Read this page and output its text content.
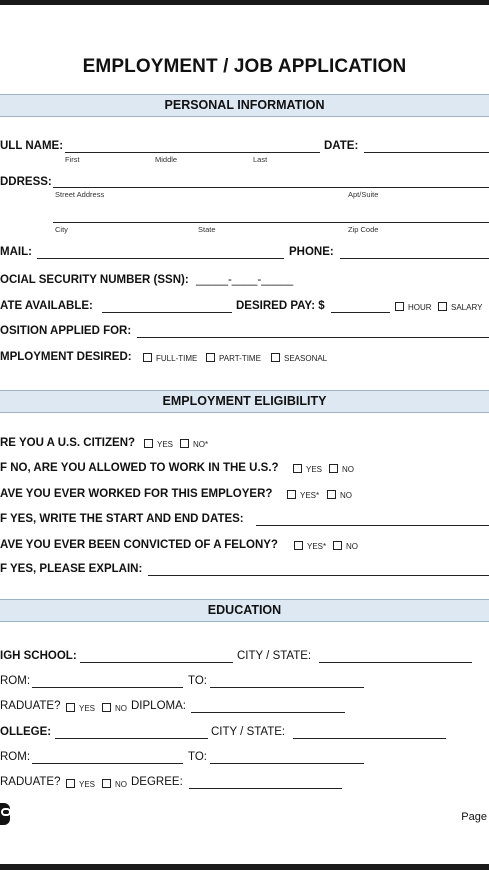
EMPLOYMENT / JOB APPLICATION
PERSONAL INFORMATION
ULL NAME:	DATE:
First	Middle	Last
DDRESS:
Street Address	Apt/Suite
City	State	Zip Code
MAIL:	PHONE:
OCIAL SECURITY NUMBER (SSN): _____-____-_____
ATE AVAILABLE:	DESIRED PAY: $	HOUR	SALARY
OSITION APPLIED FOR:
MPLOYMENT DESIRED:	FULL-TIME	PART-TIME	SEASONAL
EMPLOYMENT ELIGIBILITY
RE YOU A U.S. CITIZEN?	YES	NO*
F NO, ARE YOU ALLOWED TO WORK IN THE U.S.?	YES	NO
AVE YOU EVER WORKED FOR THIS EMPLOYER?	YES*	NO
F YES, WRITE THE START AND END DATES:
AVE YOU EVER BEEN CONVICTED OF A FELONY?	YES*	NO
F YES, PLEASE EXPLAIN:
EDUCATION
IGH SCHOOL:	CITY / STATE:
ROM:	TO:
RADUATE?	YES	NO DIPLOMA:
OLLEGE:	CITY / STATE:
ROM:	TO:
RADUATE?	YES	NO DEGREE:
Page
